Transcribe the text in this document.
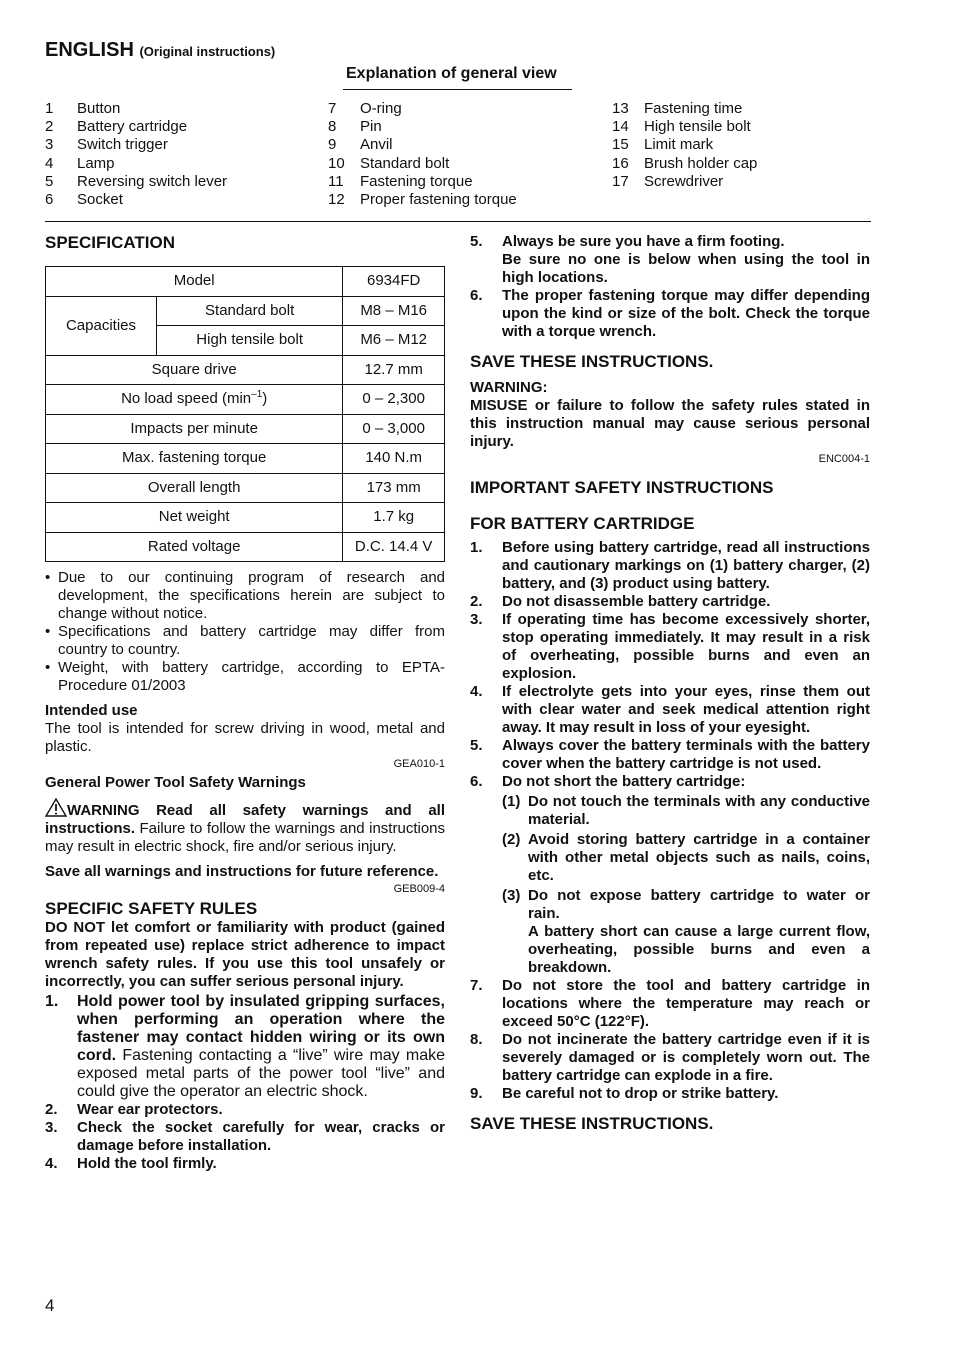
ENGLISH (Original instructions)
Explanation of general view
1 Button
2 Battery cartridge
3 Switch trigger
4 Lamp
5 Reversing switch lever
6 Socket
7 O-ring
8 Pin
9 Anvil
10 Standard bolt
11 Fastening torque
12 Proper fastening torque
13 Fastening time
14 High tensile bolt
15 Limit mark
16 Brush holder cap
17 Screwdriver
SPECIFICATION
Model		6934FD
Capacities	Standard bolt	M8 – M16
	High tensile bolt	M6 – M12
Square drive		12.7 mm
No load speed $(\min^{-1})$		0 – 2,300
Impacts per minute		0 – 3,000
Max. fastening torque		140 N.m
Overall length		173 mm
Net weight		1.7 kg
Rated voltage		D.C. 14.4 V
• Due to our continuing program of research and development, the specifications herein are subject to change without notice.
• Specifications and battery cartridge may differ from country to country.
• Weight, with battery cartridge, according to EPTA-Procedure 01/2003
Intended use
The tool is intended for screw driving in wood, metal and plastic.
GEA010-1
General Power Tool Safety Warnings
WARNING Read all safety warnings and all instructions. Failure to follow the warnings and instructions may result in electric shock, fire and/or serious injury.
Save all warnings and instructions for future reference.
GEB009-4
SPECIFIC SAFETY RULES
DO NOT let comfort or familiarity with product (gained from repeated use) replace strict adherence to impact wrench safety rules. If you use this tool unsafely or incorrectly, you can suffer serious personal injury.
1. Hold power tool by insulated gripping surfaces, when performing an operation where the fastener may contact hidden wiring or its own cord. Fastening contacting a “live” wire may make exposed metal parts of the power tool “live” and could give the operator an electric shock.
2. Wear ear protectors.
3. Check the socket carefully for wear, cracks or damage before installation.
4. Hold the tool firmly.
5. Always be sure you have a firm footing.
Be sure no one is below when using the tool in high locations.
6. The proper fastening torque may differ depending upon the kind or size of the bolt. Check the torque with a torque wrench.
SAVE THESE INSTRUCTIONS.
WARNING:
MISUSE or failure to follow the safety rules stated in this instruction manual may cause serious personal injury.
ENC004-1
IMPORTANT SAFETY INSTRUCTIONS
FOR BATTERY CARTRIDGE
1. Before using battery cartridge, read all instructions and cautionary markings on (1) battery charger, (2) battery, and (3) product using battery.
2. Do not disassemble battery cartridge.
3. If operating time has become excessively shorter, stop operating immediately. It may result in a risk of overheating, possible burns and even an explosion.
4. If electrolyte gets into your eyes, rinse them out with clear water and seek medical attention right away. It may result in loss of your eyesight.
5. Always cover the battery terminals with the battery cover when the battery cartridge is not used.
6. Do not short the battery cartridge:
(1) Do not touch the terminals with any conductive material.
(2) Avoid storing battery cartridge in a container with other metal objects such as nails, coins, etc.
(3) Do not expose battery cartridge to water or rain.
A battery short can cause a large current flow, overheating, possible burns and even a breakdown.
7. Do not store the tool and battery cartridge in locations where the temperature may reach or exceed 50°C (122°F).
8. Do not incinerate the battery cartridge even if it is severely damaged or is completely worn out. The battery cartridge can explode in a fire.
9. Be careful not to drop or strike battery.
SAVE THESE INSTRUCTIONS.
4
